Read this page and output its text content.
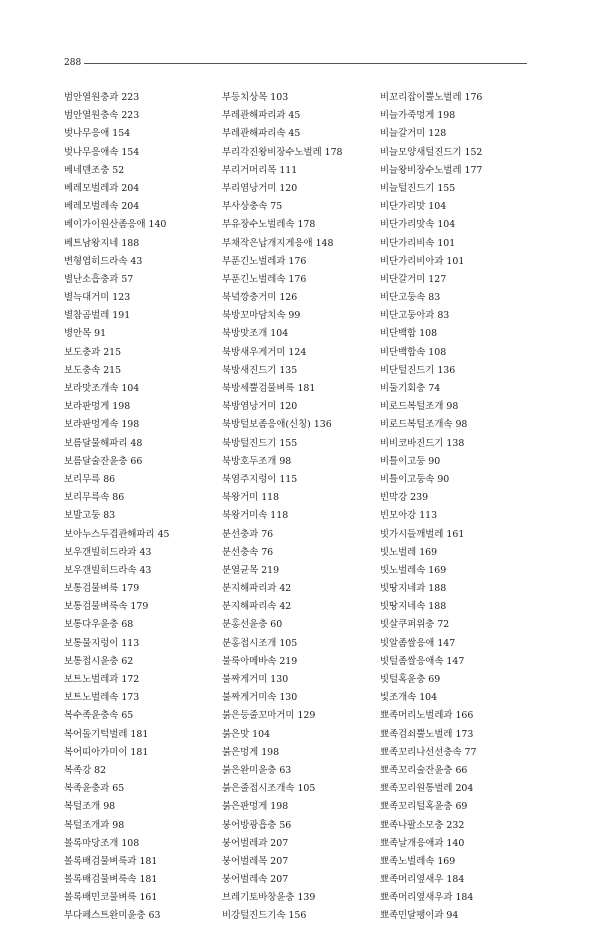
288
범안열원충과 223
범안열원충속 223
벚나무응애 154
벚나무응애속 154
베네덴조충 52
베레모벌레과 204
베레모벌레속 204
베이가이원산좀응애 140
베트남왕지네 188
변형엽히드라속 43
별난소흡충과 57
별늑대거미 123
별참곰벌레 191
병안목 91
보도충과 215
보도충속 215
보라맛조개속 104
보라판멍게 198
보라판멍게속 198
보름달물해파리 48
보름달술잔윤충 66
보리무륵 86
보리무륵속 86
보발고둥 83
보아누스두겹관해파리 45
보우갠빌히드라과 43
보우갠빌히드라속 43
보통검물벼룩 179
보통검물벼룩속 179
보통다우윤충 68
보통물지렁이 113
보통접시윤충 62
보트노벌레과 172
보트노벌레속 173
복수족윤충속 65
복어돌기턱벌레 181
복어띠아가미이 181
복족강 82
복족윤충과 65
복털조개 98
복털조개과 98
볼록마당조개 108
볼록배검물벼룩과 181
볼록배검물벼룩속 181
볼록배민코물벼룩 161
부다페스트완미윤충 63
부등치상목 103
부레관해파리과 45
부레관해파리속 45
부리각진왕비장수노벌레 178
부리거머리목 111
부리염낭거미 120
부사상충속 75
부유장수노벌레속 178
부채작은납개지게응애 148
부푼긴노벌레과 176
부푼긴노벌레속 176
북녘깡충거미 126
북방꼬마담치속 99
북방맛조개 104
북방새우게거미 124
북방새진드기 135
북방세뿔검물벼룩 181
북방염낭거미 120
북방털보좀응애(신칭) 136
북방털진드기 155
북방호두조개 98
북염주지렁이 115
북왕거미 118
북왕거미속 118
분선충과 76
분선충속 76
분열균목 219
분지해파리과 42
분지해파리속 42
분홍선윤충 60
분홍접시조개 105
불룩아메바속 219
불짜게거미 130
불짜게거미속 130
붉은등줄꼬마거미 129
붉은맛 104
붉은멍게 198
붉은완미윤충 63
붉은줄접시조개속 105
붉은판멍게 198
붕어방광흡충 56
붕어벌레과 207
붕어벌레목 207
붕어벌레속 207
브레기토바창윤충 139
비강털진드기속 156
비꼬리잡이뿔노벌레 176
비늘가죽멍게 198
비늘갈거미 128
비늘모양새털진드기 152
비늘왕비장수노벌레 177
비늘털진드기 155
비단가리맛 104
비단가리맛속 104
비단가리비속 101
비단가리비아과 101
비단갈거미 127
비단고둥속 83
비단고둥아과 83
비단백합 108
비단백합속 108
비단털진드기 136
비둘기회충 74
비로드복털조개 98
비로드복털조개속 98
비비코바진드기 138
비틀이고둥 90
비틀이고둥속 90
빈막강 239
빈모아강 113
빗가시들깨벌레 161
빗노벌레 169
빗노벌레속 169
빗땅지네과 188
빗땅지네속 188
빗살쿠퍼위충 72
빗알좀쌀응애 147
빗털좀쌀응애속 147
빗털혹윤충 69
빛조개속 104
뾰족머리노벌레과 166
뾰족검쇠뿔노벌레 173
뾰족꼬리나선선충속 77
뾰족꼬리술잔윤충 66
뾰족꼬리원통벌레 204
뾰족꼬리털혹윤충 69
뾰족나팔소모충 232
뾰족날개응애과 140
뾰족노벌레속 169
뾰족머리옆새우 184
뾰족머리옆새우과 184
뾰족민달팽이과 94
